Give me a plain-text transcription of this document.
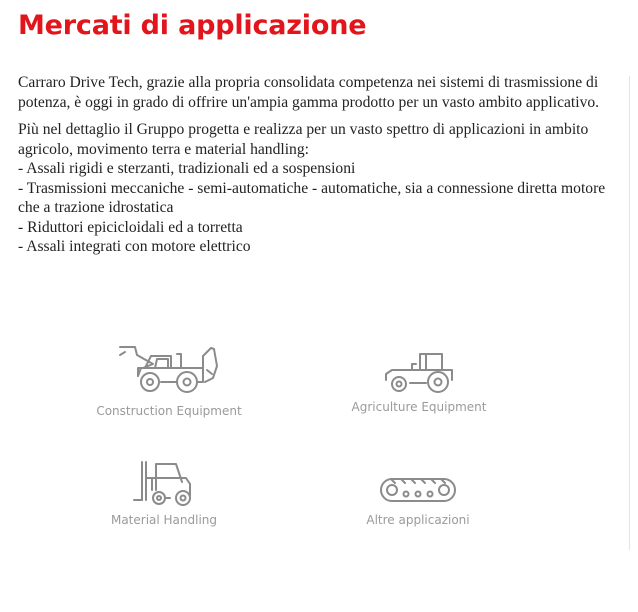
Mercati di applicazione

Carraro Drive Tech, grazie alla propria consolidata competenza nei sistemi di trasmissione di potenza, è oggi in grado di offrire un'ampia gamma prodotto per un vasto ambito applicativo.

Più nel dettaglio il Gruppo progetta e realizza per un vasto spettro di applicazioni in ambito agricolo, movimento terra e material handling:

- Assali rigidi e sterzanti, tradizionali ed a sospensioni
- Trasmissioni meccaniche - semi-automatiche - automatiche, sia a connessione diretta motore che a trazione idrostatica
- Riduttori epicicloidali ed a torretta
- Assali integrati con motore elettrico
Construction Equipment	Agriculture Equipment
Material Handling	Altre applicazioni
